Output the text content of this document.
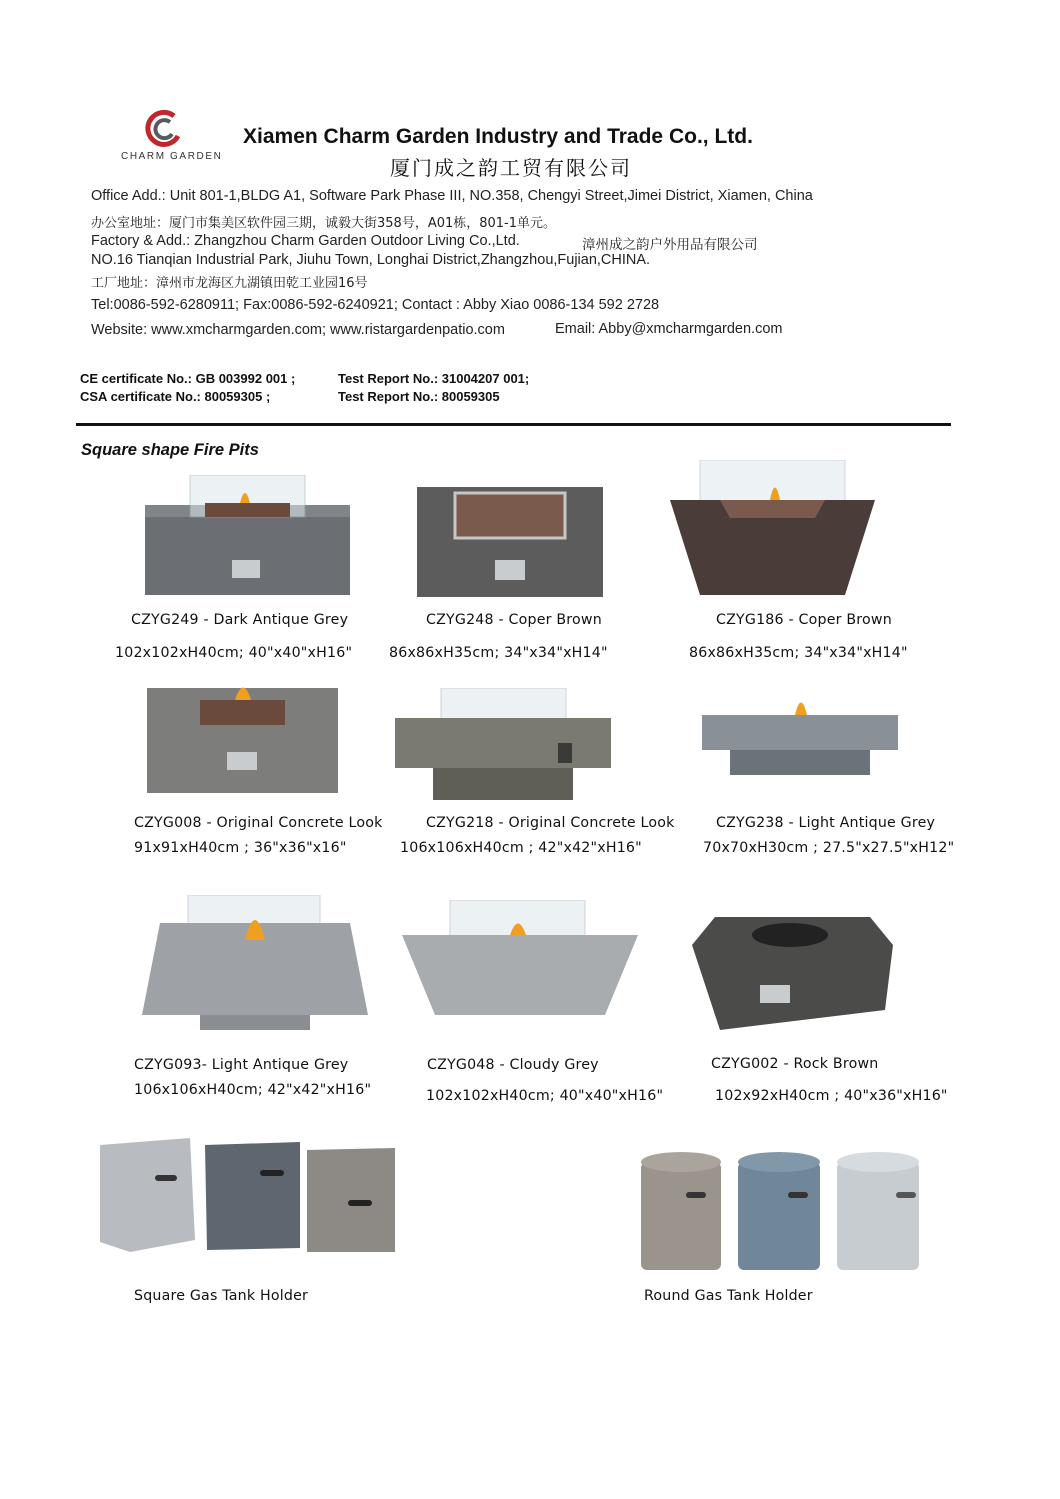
CHARM GARDEN
Xiamen Charm Garden Industry and Trade Co., Ltd.
厦门成之韵工贸有限公司
Office Add.: Unit 801-1,BLDG A1, Software Park Phase III, NO.358, Chengyi Street,Jimei District, Xiamen, China
办公室地址：厦门市集美区软件园三期，诚毅大街358号，A01栋，801-1单元。
Factory & Add.: Zhangzhou Charm Garden Outdoor Living Co.,Ltd.	漳州成之韵户外用品有限公司
NO.16 Tianqian Industrial Park, Jiuhu Town, Longhai District,Zhangzhou,Fujian,CHINA.
工厂地址：漳州市龙海区九湖镇田乾工业园16号
Tel:0086-592-6280911; Fax:0086-592-6240921; Contact : Abby Xiao 0086-134 592 2728
Website: www.xmcharmgarden.com; www.ristargardenpatio.com	Email: Abby@xmcharmgarden.com
CE certificate No.: GB 003992 001 ;	Test Report No.: 31004207 001;
CSA certificate No.: 80059305 ;	Test Report No.: 80059305
Square shape Fire Pits
CZYG249 - Dark Antique Grey
102x102xH40cm; 40"x40"xH16"
CZYG248 - Coper Brown
86x86xH35cm; 34"x34"xH14"
CZYG186 - Coper Brown
86x86xH35cm; 34"x34"xH14"
CZYG008 - Original Concrete Look
91x91xH40cm ; 36"x36"x16"
CZYG218 - Original Concrete Look
106x106xH40cm ; 42"x42"xH16"
CZYG238 - Light Antique Grey
70x70xH30cm ; 27.5"x27.5"xH12"
CZYG093- Light Antique Grey
106x106xH40cm; 42"x42"xH16"
CZYG048 - Cloudy Grey
102x102xH40cm; 40"x40"xH16"
CZYG002 - Rock Brown
102x92xH40cm ; 40"x36"xH16"
Square Gas Tank Holder	Round Gas Tank Holder
